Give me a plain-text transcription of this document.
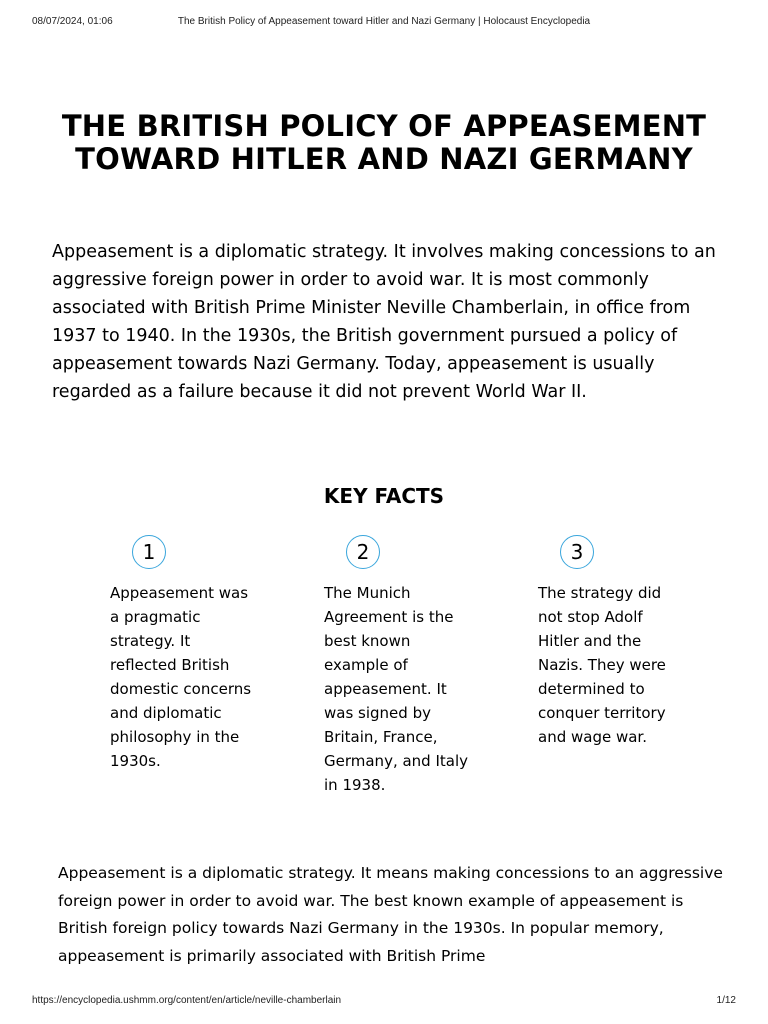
08/07/2024, 01:06	The British Policy of Appeasement toward Hitler and Nazi Germany | Holocaust Encyclopedia
THE BRITISH POLICY OF APPEASEMENT TOWARD HITLER AND NAZI GERMANY

Appeasement is a diplomatic strategy. It involves making concessions to an aggressive foreign power in order to avoid war. It is most commonly associated with British Prime Minister Neville Chamberlain, in office from 1937 to 1940. In the 1930s, the British government pursued a policy of appeasement towards Nazi Germany. Today, appeasement is usually regarded as a failure because it did not prevent World War II.

KEY FACTS
1

Appeasement was a pragmatic strategy. It reflected British domestic concerns and diplomatic philosophy in the 1930s.

2

The Munich Agreement is the best known example of appeasement. It was signed by Britain, France, Germany, and Italy in 1938.

3

The strategy did not stop Adolf Hitler and the Nazis. They were determined to conquer territory and wage war.

Appeasement is a diplomatic strategy. It means making concessions to an aggressive foreign power in order to avoid war. The best known example of appeasement is British foreign policy towards Nazi Germany in the 1930s. In popular memory, appeasement is primarily associated with British Prime

https://encyclopedia.ushmm.org/content/en/article/neville-chamberlain	1/12
